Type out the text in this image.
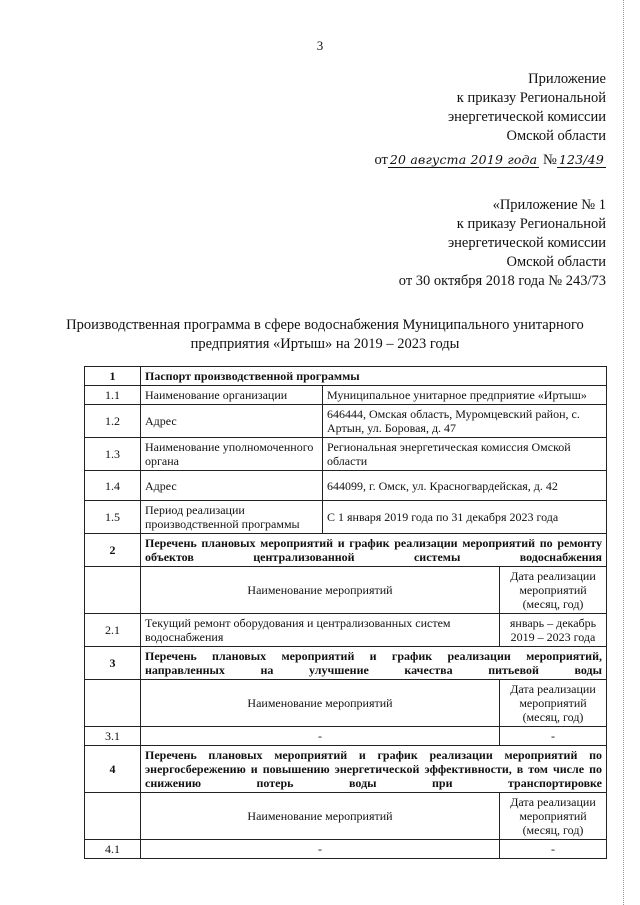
3
Приложение
к приказу Региональной
энергетической комиссии
Омской области
от 20 августа 2019 года № 123/49
«Приложение № 1
к приказу Региональной
энергетической комиссии
Омской области
от 30 октября 2018 года № 243/73
Производственная программа в сфере водоснабжения Муниципального унитарного предприятия «Иртыш» на 2019 – 2023 годы
1	Паспорт производственной программы		
1.1	Наименование организации	Муниципальное унитарное предприятие «Иртыш»	
1.2	Адрес	646444, Омская область, Муромцевский район, с. Артын, ул. Боровая, д. 47	
1.3	Наименование уполномоченного органа	Региональная энергетическая комиссия Омской области	
1.4	Адрес	644099, г. Омск, ул. Красногвардейская, д. 42	
1.5	Период реализации производственной программы	С 1 января 2019 года по 31 декабря 2023 года	
2	Перечень плановых мероприятий и график реализации мероприятий по ремонту объектов централизованной системы водоснабжения		
	Наименование мероприятий		Дата реализации мероприятий (месяц, год)
2.1	Текущий ремонт оборудования и централизованных систем водоснабжения		январь – декабрь 2019 – 2023 года
3	Перечень плановых мероприятий и график реализации мероприятий, направленных на улучшение качества питьевой воды		
	Наименование мероприятий		Дата реализации мероприятий (месяц, год)
3.1	-		-
4	Перечень плановых мероприятий и график реализации мероприятий по энергосбережению и повышению энергетической эффективности, в том числе по снижению потерь воды при транспортировке		
	Наименование мероприятий		Дата реализации мероприятий (месяц, год)
4.1	-		-
